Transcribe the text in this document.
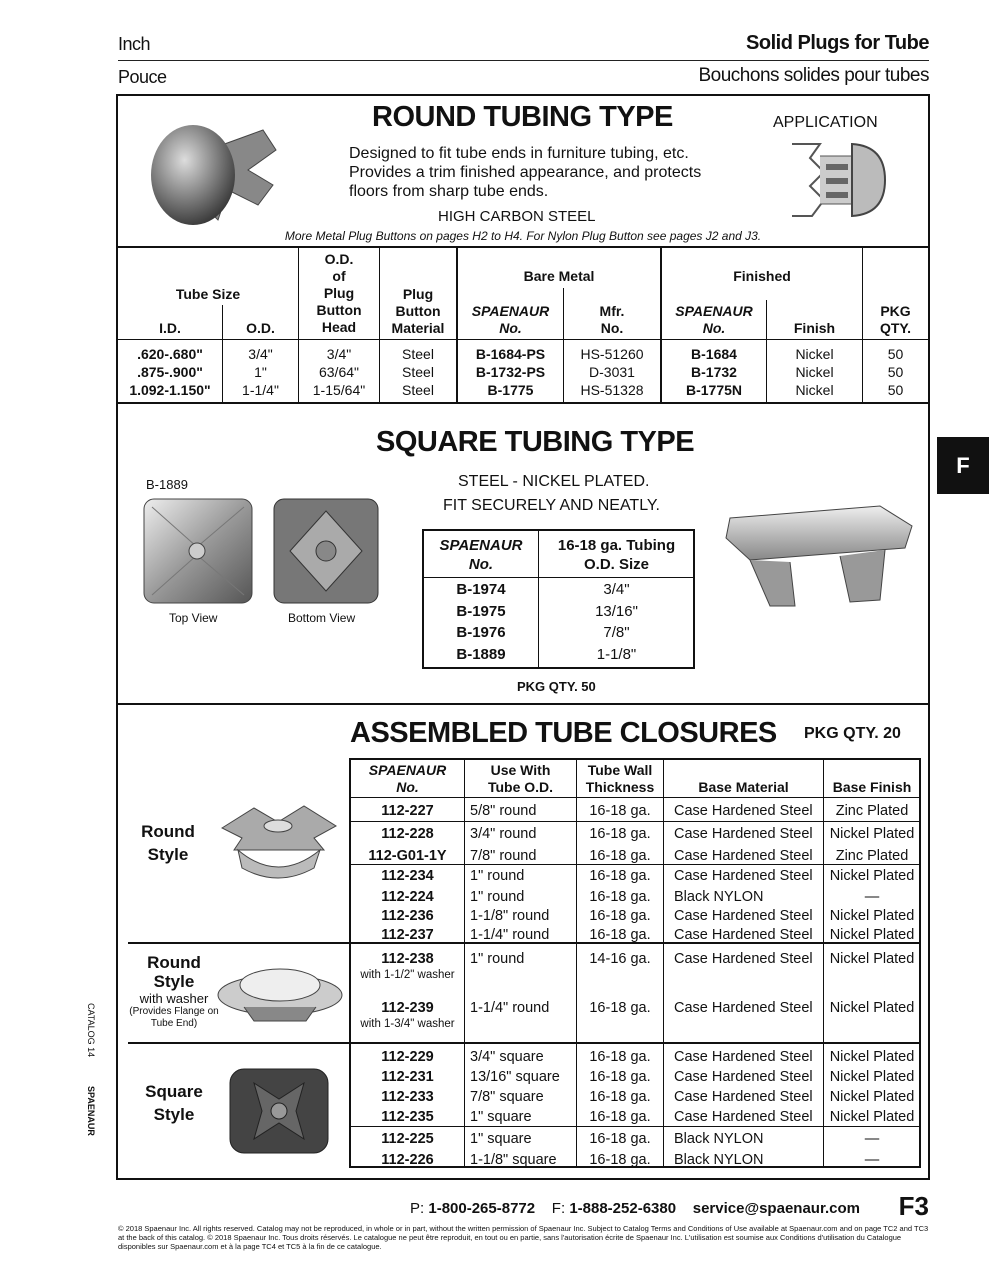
Inch	Solid Plugs for Tube
Pouce	Bouchons solides pour tubes
F
ROUND TUBING TYPE	APPLICATION
Designed to fit tube ends in furniture tubing, etc.
Provides a trim finished appearance, and protects
floors from sharp tube ends.
HIGH CARBON STEEL
More Metal Plug Buttons on pages H2 to H4. For Nylon Plug Button see pages J2 and J3.
Tube Size
I.D.	O.D.
O.D.
of
Plug
Button
Head
Plug
Button
Material
Bare Metal
SPAENAUR
No.
Mfr.
No.
Finished
SPAENAUR
No.	Finish
PKG
QTY.
.620-.680"	3/4"	3/4"	Steel	B-1684-PS	HS-51260	B-1684	Nickel	50
.875-.900"	1"	63/64"	Steel	B-1732-PS	D-3031	B-1732	Nickel	50
1.092-1.150"	1-1/4"	1-15/64"	Steel	B-1775	HS-51328	B-1775N	Nickel	50
SQUARE TUBING TYPE
STEEL - NICKEL PLATED.
FIT SECURELY AND NEATLY.
B-1889
Top View	Bottom View
SPAENAUR
No.
16-18 ga. Tubing
O.D. Size
B-1974	3/4"
B-1975	13/16"
B-1976	7/8"
B-1889	1-1/8"
PKG QTY. 50
ASSEMBLED TUBE CLOSURES PKG QTY. 20
SPAENAUR
No.
Use With
Tube O.D.
Tube Wall
Thickness	Base Material	Base Finish
112-227	5/8" round	16-18 ga.	Case Hardened Steel	Zinc Plated
112-228	3/4" round	16-18 ga.	Case Hardened Steel	Nickel Plated
112-G01-1Y	7/8" round	16-18 ga.	Case Hardened Steel	Zinc Plated
112-234	1" round	16-18 ga.	Case Hardened Steel	Nickel Plated
112-224	1" round	16-18 ga.	Black NYLON	—
112-236	1-1/8" round	16-18 ga.	Case Hardened Steel	Nickel Plated
112-237	1-1/4" round	16-18 ga.	Case Hardened Steel	Nickel Plated
112-238	1" round	14-16 ga.	Case Hardened Steel	Nickel Plated
with 1-1/2" washer
112-239	1-1/4" round	16-18 ga.	Case Hardened Steel	Nickel Plated
with 1-3/4" washer
112-229	3/4" square	16-18 ga.	Case Hardened Steel	Nickel Plated
112-231	13/16" square	16-18 ga.	Case Hardened Steel	Nickel Plated
112-233	7/8" square	16-18 ga.	Case Hardened Steel	Nickel Plated
112-235	1" square	16-18 ga.	Case Hardened Steel	Nickel Plated
112-225	1" square	16-18 ga.	Black NYLON	—
112-226	1-1/8" square	16-18 ga.	Black NYLON	—
Round
Style
Round
Style
with washer
(Provides Flange on
Tube End)
Square
Style
CATALOG 14
SPAENAUR
P: 1-800-265-8772 F: 1-888-252-6380 service@spaenaur.com F3
© 2018 Spaenaur Inc. All rights reserved. Catalog may not be reproduced, in whole or in part, without the written permission of Spaenaur Inc. Subject to Catalog Terms and Conditions of Use available at Spaenaur.com and on page TC2 and TC3 at the back of this catalog. © 2018 Spaenaur Inc. Tous droits réservés. Le catalogue ne peut être reproduit, en tout ou en partie, sans l'autorisation écrite de Spaenaur Inc. L'utilisation est soumise aux Conditions d'utilisation du Catalogue disponibles sur Spaenaur.com et à la page TC4 et TC5 à la fin de ce catalogue.
